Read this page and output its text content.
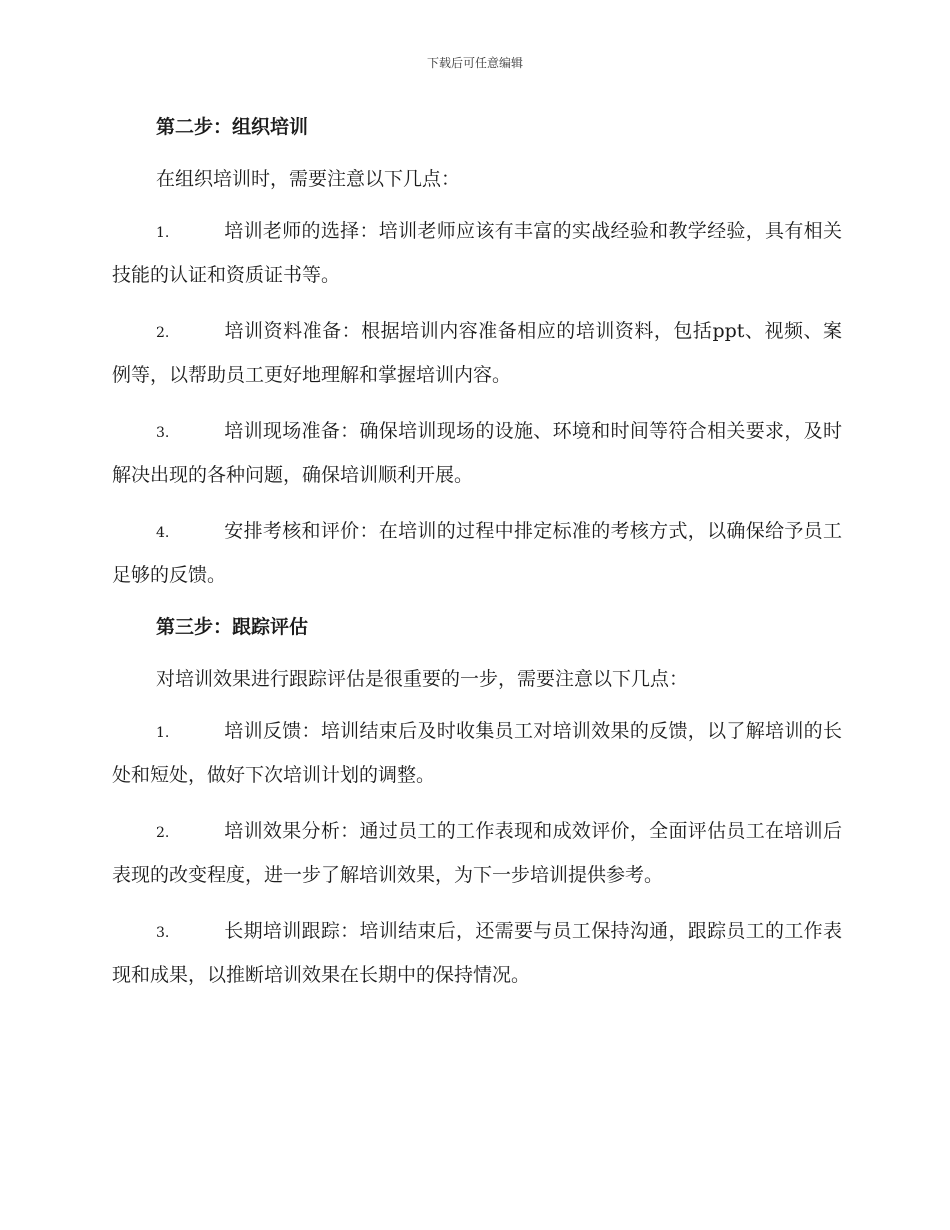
下载后可任意编辑
第二步：组织培训
在组织培训时，需要注意以下几点：
1.	培训老师的选择：培训老师应该有丰富的实战经验和教学经验，具有相关技能的认证和资质证书等。
2.	培训资料准备：根据培训内容准备相应的培训资料，包括ppt、视频、案例等，以帮助员工更好地理解和掌握培训内容。
3.	培训现场准备：确保培训现场的设施、环境和时间等符合相关要求，及时解决出现的各种问题，确保培训顺利开展。
4.	安排考核和评价：在培训的过程中排定标准的考核方式，以确保给予员工足够的反馈。
第三步：跟踪评估
对培训效果进行跟踪评估是很重要的一步，需要注意以下几点：
1.	培训反馈：培训结束后及时收集员工对培训效果的反馈，以了解培训的长处和短处，做好下次培训计划的调整。
2.	培训效果分析：通过员工的工作表现和成效评价，全面评估员工在培训后表现的改变程度，进一步了解培训效果，为下一步培训提供参考。
3.	长期培训跟踪：培训结束后，还需要与员工保持沟通，跟踪员工的工作表现和成果，以推断培训效果在长期中的保持情况。
